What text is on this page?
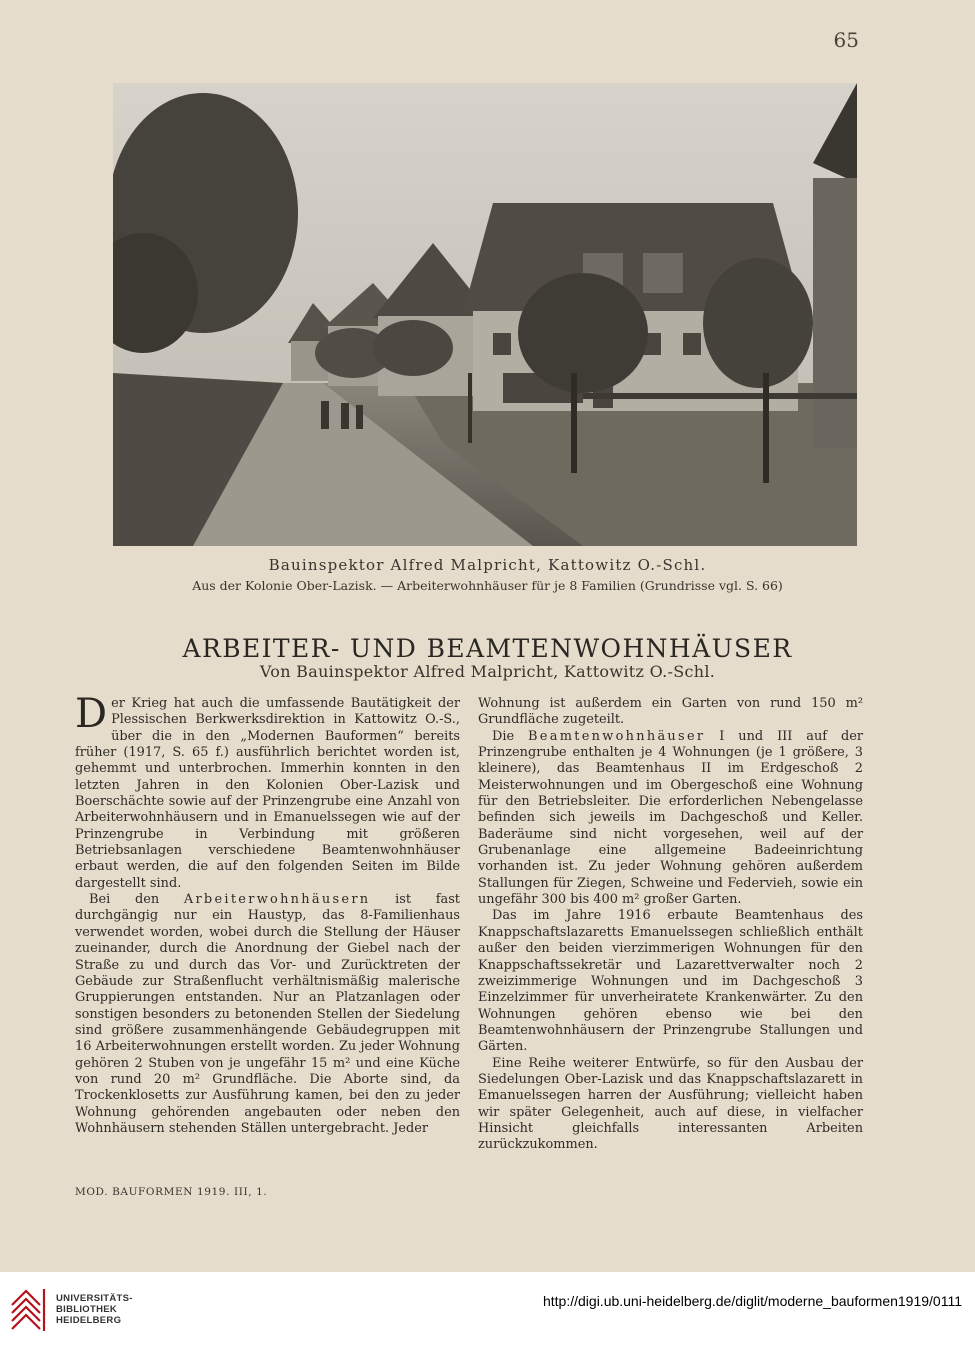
65
Bauinspektor Alfred Malpricht, Kattowitz O.-Schl.
Aus der Kolonie Ober-Lazisk. — Arbeiterwohnhäuser für je 8 Familien (Grundrisse vgl. S. 66)
ARBEITER- UND BEAMTENWOHNHÄUSER
Von Bauinspektor Alfred Malpricht, Kattowitz O.-Schl.

Der Krieg hat auch die umfassende Bautätigkeit der Plessischen Berkwerksdirektion in Kattowitz O.-S., über die in den „Modernen Bauformen“ bereits früher (1917, S. 65 f.) ausführlich berichtet worden ist, gehemmt und unterbrochen. Immerhin konnten in den letzten Jahren in den Kolonien Ober-Lazisk und Boerschächte sowie auf der Prinzengrube eine Anzahl von Arbeiterwohnhäusern und in Emanuelssegen wie auf der Prinzengrube in Verbindung mit größeren Betriebsanlagen verschiedene Beamtenwohnhäuser erbaut werden, die auf den folgenden Seiten im Bilde dargestellt sind.

Bei den Arbeiterwohnhäusern ist fast durchgängig nur ein Haustyp, das 8-Familienhaus verwendet worden, wobei durch die Stellung der Häuser zueinander, durch die Anordnung der Giebel nach der Straße zu und durch das Vor- und Zurücktreten der Gebäude zur Straßenflucht verhältnismäßig malerische Gruppierungen entstanden. Nur an Platzanlagen oder sonstigen besonders zu betonenden Stellen der Siedelung sind größere zusammenhängende Gebäudegruppen mit 16 Arbeiterwohnungen erstellt worden. Zu jeder Wohnung gehören 2 Stuben von je ungefähr 15 m² und eine Küche von rund 20 m² Grundfläche. Die Aborte sind, da Trockenklosetts zur Ausführung kamen, bei den zu jeder Wohnung gehörenden angebauten oder neben den Wohnhäusern stehenden Ställen untergebracht. Jeder

Wohnung ist außerdem ein Garten von rund 150 m² Grundfläche zugeteilt.

Die Beamtenwohnhäuser I und III auf der Prinzengrube enthalten je 4 Wohnungen (je 1 größere, 3 kleinere), das Beamtenhaus II im Erdgeschoß 2 Meisterwohnungen und im Obergeschoß eine Wohnung für den Betriebsleiter. Die erforderlichen Nebengelasse befinden sich jeweils im Dachgeschoß und Keller. Baderäume sind nicht vorgesehen, weil auf der Grubenanlage eine allgemeine Badeeinrichtung vorhanden ist. Zu jeder Wohnung gehören außerdem Stallungen für Ziegen, Schweine und Federvieh, sowie ein ungefähr 300 bis 400 m² großer Garten.

Das im Jahre 1916 erbaute Beamtenhaus des Knappschaftslazaretts Emanuelssegen schließlich enthält außer den beiden vierzimmerigen Wohnungen für den Knappschaftssekretär und Lazarettverwalter noch 2 zweizimmerige Wohnungen und im Dachgeschoß 3 Einzelzimmer für unverheiratete Krankenwärter. Zu den Wohnungen gehören ebenso wie bei den Beamtenwohnhäusern der Prinzengrube Stallungen und Gärten.

Eine Reihe weiterer Entwürfe, so für den Ausbau der Siedelungen Ober-Lazisk und das Knappschaftslazarett in Emanuelssegen harren der Ausführung; vielleicht haben wir später Gelegenheit, auch auf diese, in vielfacher Hinsicht gleichfalls interessanten Arbeiten zurückzukommen.

MOD. BAUFORMEN 1919. III, 1.
UNIVERSITÄTS-
BIBLIOTHEK
HEIDELBERG
http://digi.ub.uni-heidelberg.de/diglit/moderne_bauformen1919/0111
